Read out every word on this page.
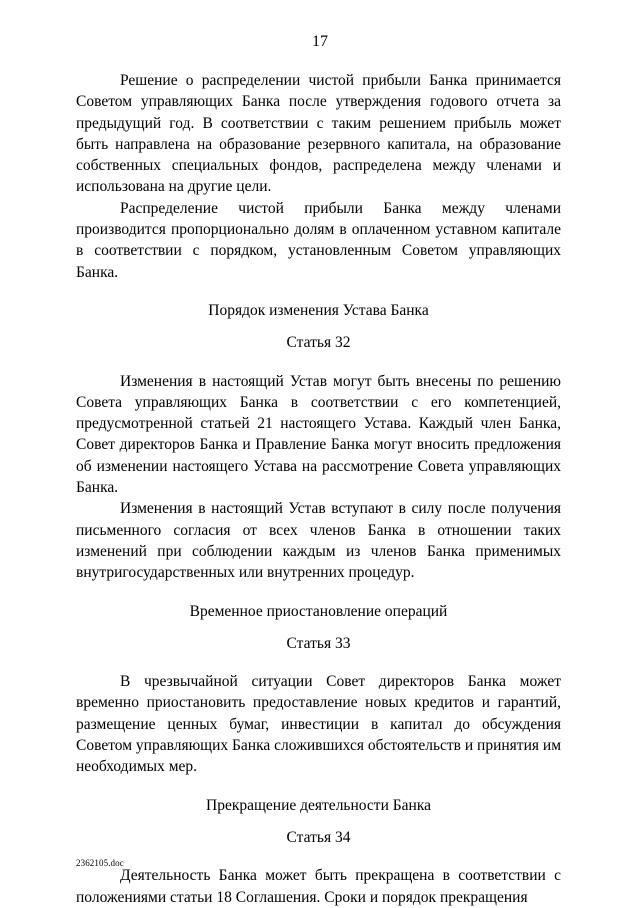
17

Решение о распределении чистой прибыли Банка принимается Советом управляющих Банка после утверждения годового отчета за предыдущий год. В соответствии с таким решением прибыль может быть направлена на образование резервного капитала, на образование собственных специальных фондов, распределена между членами и использована на другие цели.

Распределение чистой прибыли Банка между членами производится пропорционально долям в оплаченном уставном капитале в соответствии с порядком, установленным Советом управляющих Банка.

Порядок изменения Устава Банка

Статья 32

Изменения в настоящий Устав могут быть внесены по решению Совета управляющих Банка в соответствии с его компетенцией, предусмотренной статьей 21 настоящего Устава. Каждый член Банка, Совет директоров Банка и Правление Банка могут вносить предложения об изменении настоящего Устава на рассмотрение Совета управляющих Банка.

Изменения в настоящий Устав вступают в силу после получения письменного согласия от всех членов Банка в отношении таких изменений при соблюдении каждым из членов Банка применимых внутригосударственных или внутренних процедур.

Временное приостановление операций

Статья 33

В чрезвычайной ситуации Совет директоров Банка может временно приостановить предоставление новых кредитов и гарантий, размещение ценных бумаг, инвестиции в капитал до обсуждения Советом управляющих Банка сложившихся обстоятельств и принятия им необходимых мер.

Прекращение деятельности Банка

Статья 34

Деятельность Банка может быть прекращена в соответствии с положениями статьи 18 Соглашения. Сроки и порядок прекращения

2362105.doc
